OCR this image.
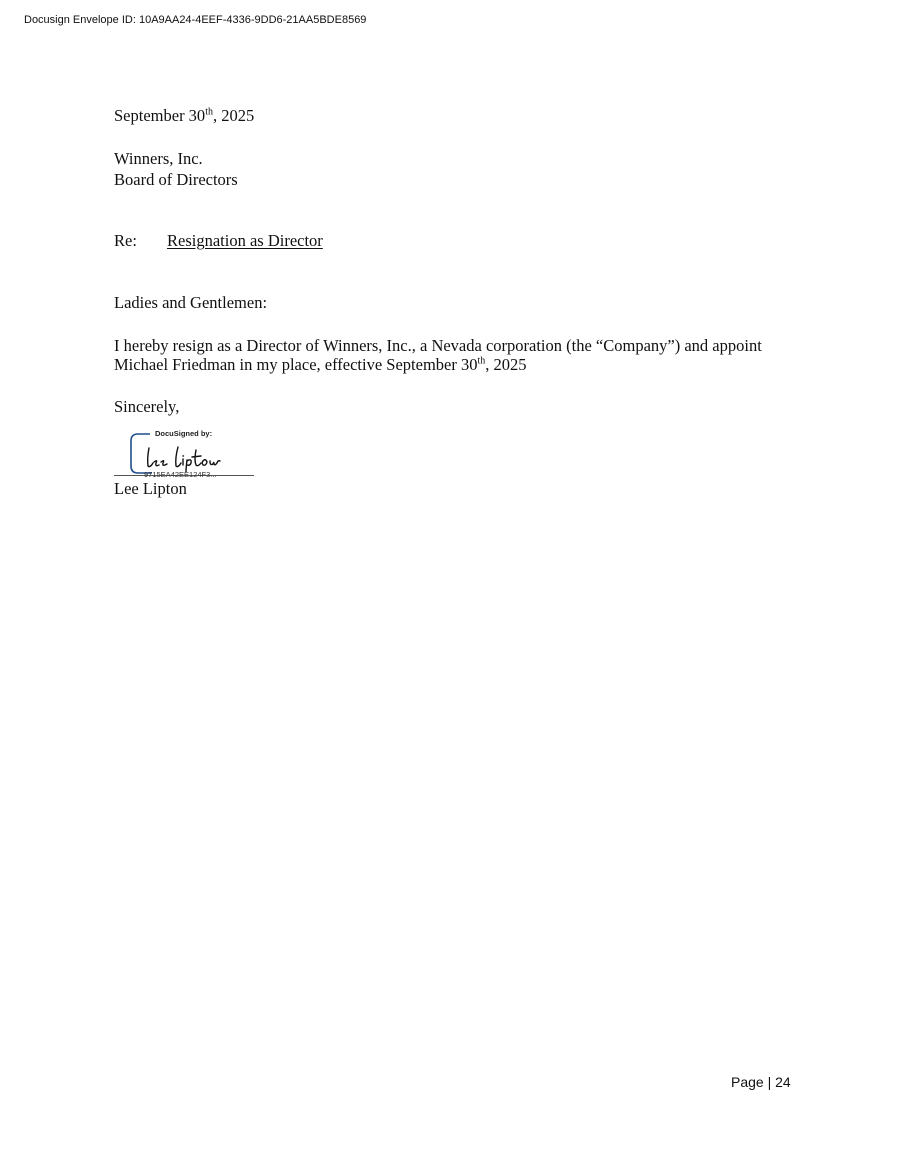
Docusign Envelope ID: 10A9AA24-4EEF-4336-9DD6-21AA5BDE8569
September 30th, 2025
Winners, Inc.
Board of Directors
Re: Resignation as Director
Ladies and Gentlemen:
I hereby resign as a Director of Winners, Inc., a Nevada corporation (the “Company”) and appoint Michael Friedman in my place, effective September 30th, 2025
Sincerely,
DocuSigned by:
9715EA42EE124F3...
Lee Lipton
Page | 24
